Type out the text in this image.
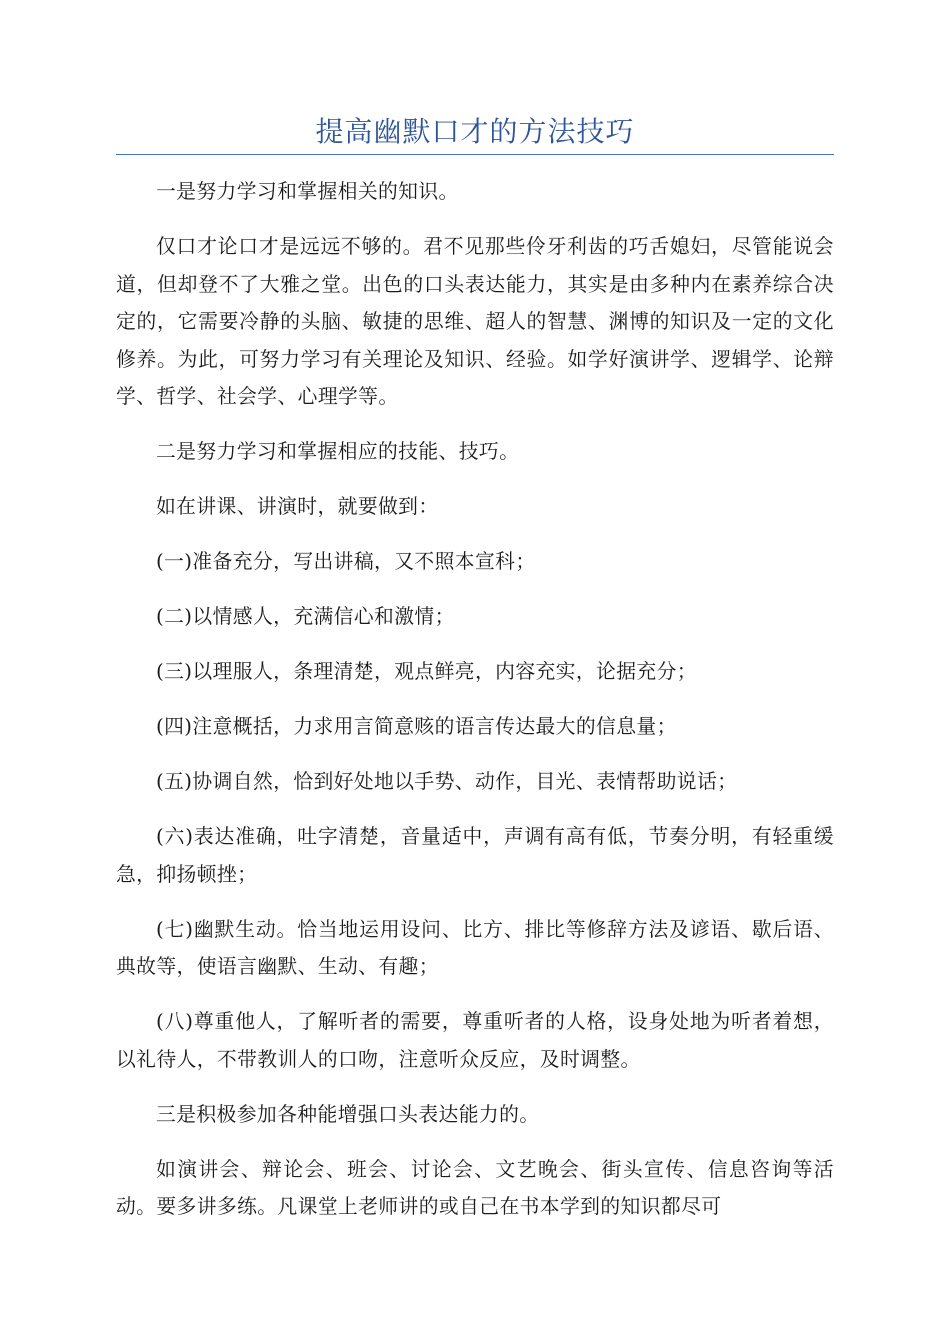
提高幽默口才的方法技巧

一是努力学习和掌握相关的知识。

仅口才论口才是远远不够的。君不见那些伶牙利齿的巧舌媳妇，尽管能说会道，但却登不了大雅之堂。出色的口头表达能力，其实是由多种内在素养综合决定的，它需要冷静的头脑、敏捷的思维、超人的智慧、渊博的知识及一定的文化修养。为此，可努力学习有关理论及知识、经验。如学好演讲学、逻辑学、论辩学、哲学、社会学、心理学等。

二是努力学习和掌握相应的技能、技巧。

如在讲课、讲演时，就要做到：

(一)准备充分，写出讲稿，又不照本宣科；

(二)以情感人，充满信心和激情；

(三)以理服人，条理清楚，观点鲜亮，内容充实，论据充分；

(四)注意概括，力求用言简意赅的语言传达最大的信息量；

(五)协调自然，恰到好处地以手势、动作，目光、表情帮助说话；

(六)表达准确，吐字清楚，音量适中，声调有高有低，节奏分明，有轻重缓急，抑扬顿挫；

(七)幽默生动。恰当地运用设问、比方、排比等修辞方法及谚语、歇后语、典故等，使语言幽默、生动、有趣；

(八)尊重他人，了解听者的需要，尊重听者的人格，设身处地为听者着想，以礼待人，不带教训人的口吻，注意听众反应，及时调整。

三是积极参加各种能增强口头表达能力的。

如演讲会、辩论会、班会、讨论会、文艺晚会、街头宣传、信息咨询等活动。要多讲多练。凡课堂上老师讲的或自己在书本学到的知识都尽可
